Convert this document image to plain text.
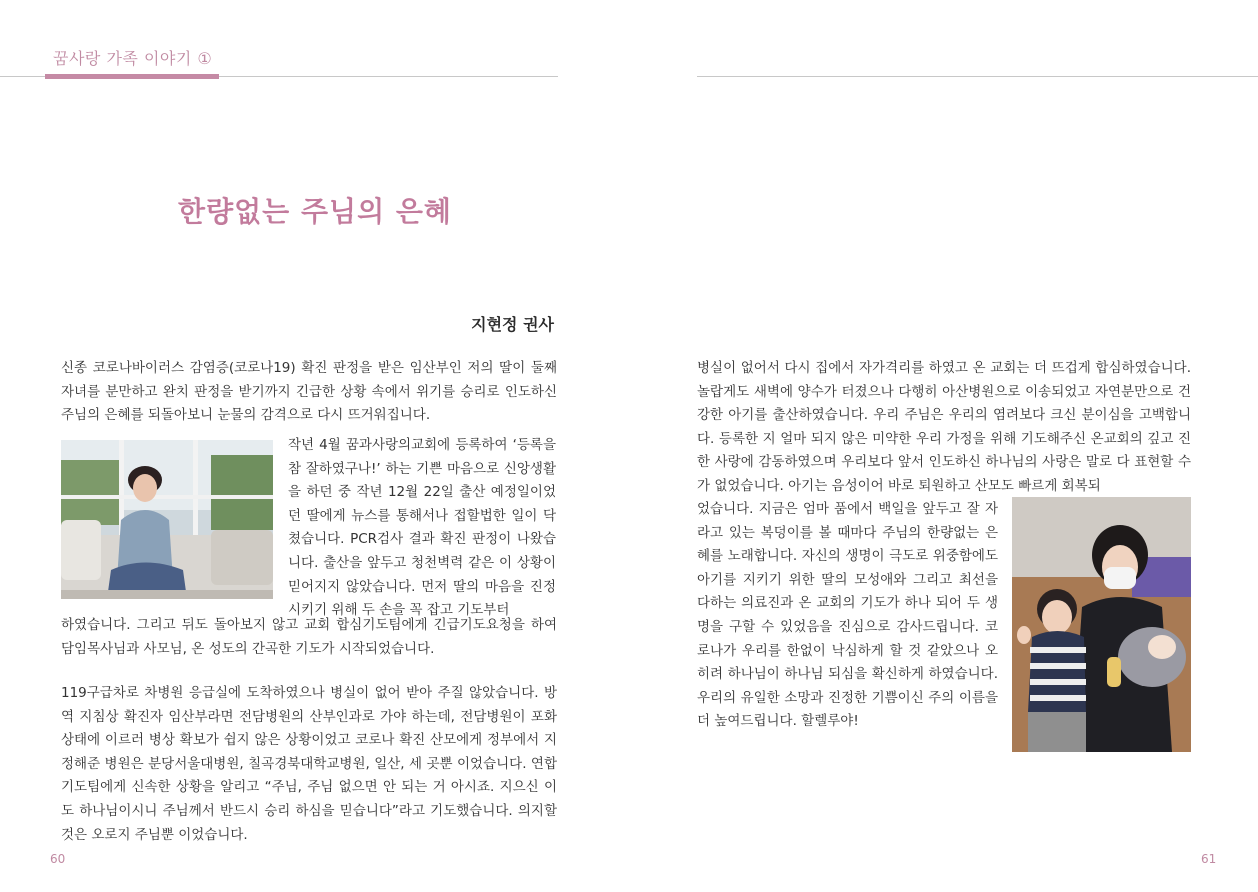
꿈사랑 가족 이야기 ①
한량없는 주님의 은혜
지현정 권사

신종 코로나바이러스 감염증(코로나19) 확진 판정을 받은 임산부인 저의 딸이 둘째 자녀를 분만하고 완치 판정을 받기까지 긴급한 상황 속에서 위기를 승리로 인도하신 주님의 은혜를 되돌아보니 눈물의 감격으로 다시 뜨거워집니다.

작년 4월 꿈과사랑의교회에 등록하여 ‘등록을 참 잘하였구나!’ 하는 기쁜 마음으로 신앙생활을 하던 중 작년 12월 22일 출산 예정일이었던 딸에게 뉴스를 통해서나 접할법한 일이 닥쳤습니다. PCR검사 결과 확진 판정이 나왔습니다. 출산을 앞두고 청천벽력 같은 이 상황이 믿어지지 않았습니다. 먼저 딸의 마음을 진정시키기 위해 두 손을 꼭 잡고 기도부터

하였습니다. 그리고 뒤도 돌아보지 않고 교회 합심기도팀에게 긴급기도요청을 하여 담임목사님과 사모님, 온 성도의 간곡한 기도가 시작되었습니다.

119구급차로 차병원 응급실에 도착하였으나 병실이 없어 받아 주질 않았습니다. 방역 지침상 확진자 임산부라면 전담병원의 산부인과로 가야 하는데, 전담병원이 포화상태에 이르러 병상 확보가 쉽지 않은 상황이었고 코로나 확진 산모에게 정부에서 지정해준 병원은 분당서울대병원, 칠곡경북대학교병원, 일산, 세 곳뿐 이었습니다. 연합기도팀에게 신속한 상황을 알리고 “주님, 주님 없으면 안 되는 거 아시죠. 지으신 이도 하나님이시니 주님께서 반드시 승리 하심을 믿습니다”라고 기도했습니다. 의지할 것은 오로지 주님뿐 이었습니다.

병실이 없어서 다시 집에서 자가격리를 하였고 온 교회는 더 뜨겁게 합심하였습니다. 놀랍게도 새벽에 양수가 터졌으나 다행히 아산병원으로 이송되었고 자연분만으로 건강한 아기를 출산하였습니다. 우리 주님은 우리의 염려보다 크신 분이심을 고백합니다. 등록한 지 얼마 되지 않은 미약한 우리 가정을 위해 기도해주신 온교회의 깊고 진한 사랑에 감동하였으며 우리보다 앞서 인도하신 하나님의 사랑은 말로 다 표현할 수가 없었습니다. 아기는 음성이어 바로 퇴원하고 산모도 빠르게 회복되

었습니다. 지금은 엄마 품에서 백일을 앞두고 잘 자라고 있는 복덩이를 볼 때마다 주님의 한량없는 은혜를 노래합니다. 자신의 생명이 극도로 위중함에도 아기를 지키기 위한 딸의 모성애와 그리고 최선을 다하는 의료진과 온 교회의 기도가 하나 되어 두 생명을 구할 수 있었음을 진심으로 감사드립니다. 코로나가 우리를 한없이 낙심하게 할 것 같았으나 오히려 하나님이 하나님 되심을 확신하게 하였습니다. 우리의 유일한 소망과 진정한 기쁨이신 주의 이름을 더 높여드립니다. 할렐루야!

60	61
